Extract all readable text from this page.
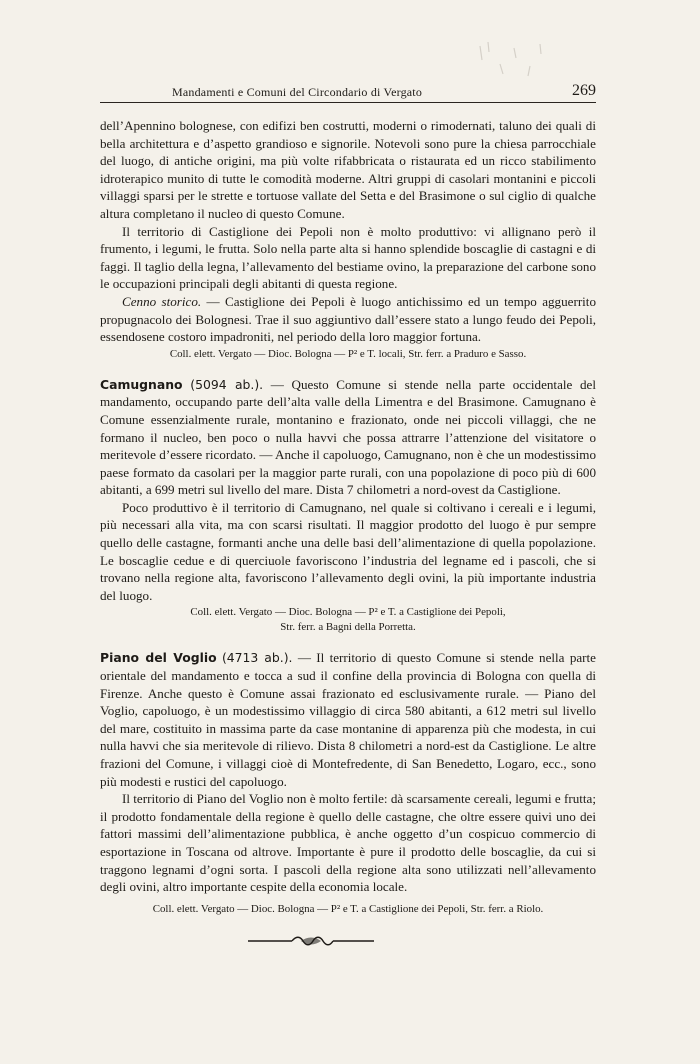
Mandamenti e Comuni del Circondario di Vergato	269

dell’Apennino bolognese, con edifizi ben costrutti, moderni o rimodernati, taluno dei quali di bella architettura e d’aspetto grandioso e signorile. Notevoli sono pure la chiesa parrocchiale del luogo, di antiche origini, ma più volte rifabbricata o ristaurata ed un ricco stabilimento idroterapico munito di tutte le comodità moderne. Altri gruppi di casolari montanini e piccoli villaggi sparsi per le strette e tortuose vallate del Setta e del Brasimone o sul ciglio di qualche altura completano il nucleo di questo Comune.

Il territorio di Castiglione dei Pepoli non è molto produttivo: vi allignano però il frumento, i legumi, le frutta. Solo nella parte alta si hanno splendide boscaglie di castagni e di faggi. Il taglio della legna, l’allevamento del bestiame ovino, la preparazione del carbone sono le occupazioni principali degli abitanti di questa regione.

Cenno storico. — Castiglione dei Pepoli è luogo antichissimo ed un tempo agguerrito propugnacolo dei Bolognesi. Trae il suo aggiuntivo dall’essere stato a lungo feudo dei Pepoli, essendosene costoro impadroniti, nel periodo della loro maggior fortuna.

Coll. elett. Vergato — Dioc. Bologna — P² e T. locali, Str. ferr. a Praduro e Sasso.

Camugnano (5094 ab.). — Questo Comune si stende nella parte occidentale del mandamento, occupando parte dell’alta valle della Limentra e del Brasimone. Camugnano è Comune essenzialmente rurale, montanino e frazionato, onde nei piccoli villaggi, che ne formano il nucleo, ben poco o nulla havvi che possa attrarre l’attenzione del visitatore o meritevole d’essere ricordato. — Anche il capoluogo, Camugnano, non è che un modestissimo paese formato da casolari per la maggior parte rurali, con una popolazione di poco più di 600 abitanti, a 699 metri sul livello del mare. Dista 7 chilometri a nord-ovest da Castiglione.

Poco produttivo è il territorio di Camugnano, nel quale si coltivano i cereali e i legumi, più necessari alla vita, ma con scarsi risultati. Il maggior prodotto del luogo è pur sempre quello delle castagne, formanti anche una delle basi dell’alimentazione di quella popolazione. Le boscaglie cedue e di querciuole favoriscono l’industria del legname ed i pascoli, che si trovano nella regione alta, favoriscono l’allevamento degli ovini, la più importante industria del luogo.

Coll. elett. Vergato — Dioc. Bologna — P² e T. a Castiglione dei Pepoli,

Str. ferr. a Bagni della Porretta.

Piano del Voglio (4713 ab.). — Il territorio di questo Comune si stende nella parte orientale del mandamento e tocca a sud il confine della provincia di Bologna con quella di Firenze. Anche questo è Comune assai frazionato ed esclusivamente rurale. — Piano del Voglio, capoluogo, è un modestissimo villaggio di circa 580 abitanti, a 612 metri sul livello del mare, costituito in massima parte da case montanine di apparenza più che modesta, in cui nulla havvi che sia meritevole di rilievo. Dista 8 chilometri a nord-est da Castiglione. Le altre frazioni del Comune, i villaggi cioè di Montefredente, di San Benedetto, Logaro, ecc., sono più modesti e rustici del capoluogo.

Il territorio di Piano del Voglio non è molto fertile: dà scarsamente cereali, legumi e frutta; il prodotto fondamentale della regione è quello delle castagne, che oltre essere quivi uno dei fattori massimi dell’alimentazione pubblica, è anche oggetto d’un cospicuo commercio di esportazione in Toscana od altrove. Importante è pure il prodotto delle boscaglie, da cui si traggono legnami d’ogni sorta. I pascoli della regione alta sono utilizzati nell’allevamento degli ovini, altro importante cespite della economia locale.

Coll. elett. Vergato — Dioc. Bologna — P² e T. a Castiglione dei Pepoli, Str. ferr. a Riolo.
